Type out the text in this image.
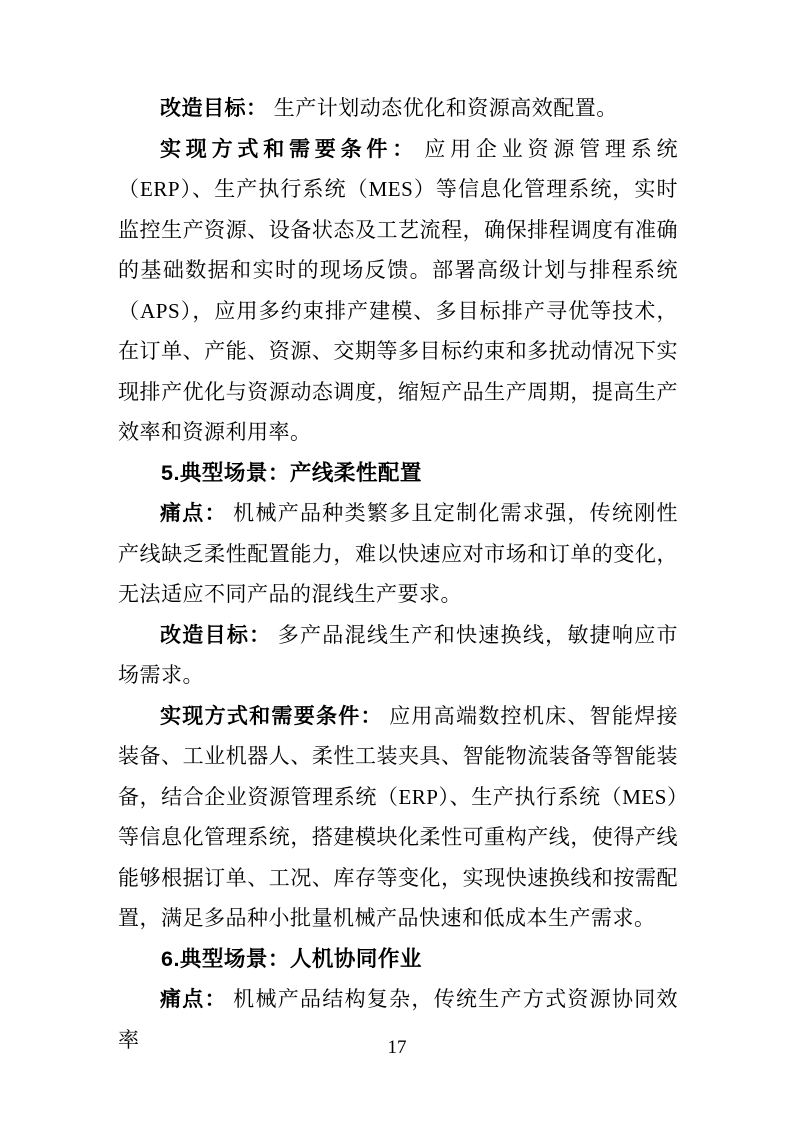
改造目标： 生产计划动态优化和资源高效配置。

实现方式和需要条件： 应用企业资源管理系统（ERP）、生产执行系统（MES）等信息化管理系统，实时监控生产资源、设备状态及工艺流程，确保排程调度有准确的基础数据和实时的现场反馈。部署高级计划与排程系统（APS），应用多约束排产建模、多目标排产寻优等技术，在订单、产能、资源、交期等多目标约束和多扰动情况下实现排产优化与资源动态调度，缩短产品生产周期，提高生产效率和资源利用率。

5.典型场景：产线柔性配置

痛点： 机械产品种类繁多且定制化需求强，传统刚性产线缺乏柔性配置能力，难以快速应对市场和订单的变化，无法适应不同产品的混线生产要求。

改造目标： 多产品混线生产和快速换线，敏捷响应市场需求。

实现方式和需要条件： 应用高端数控机床、智能焊接装备、工业机器人、柔性工装夹具、智能物流装备等智能装备，结合企业资源管理系统（ERP）、生产执行系统（MES）等信息化管理系统，搭建模块化柔性可重构产线，使得产线能够根据订单、工况、库存等变化，实现快速换线和按需配置，满足多品种小批量机械产品快速和低成本生产需求。

6.典型场景：人机协同作业

痛点： 机械产品结构复杂，传统生产方式资源协同效率	17
